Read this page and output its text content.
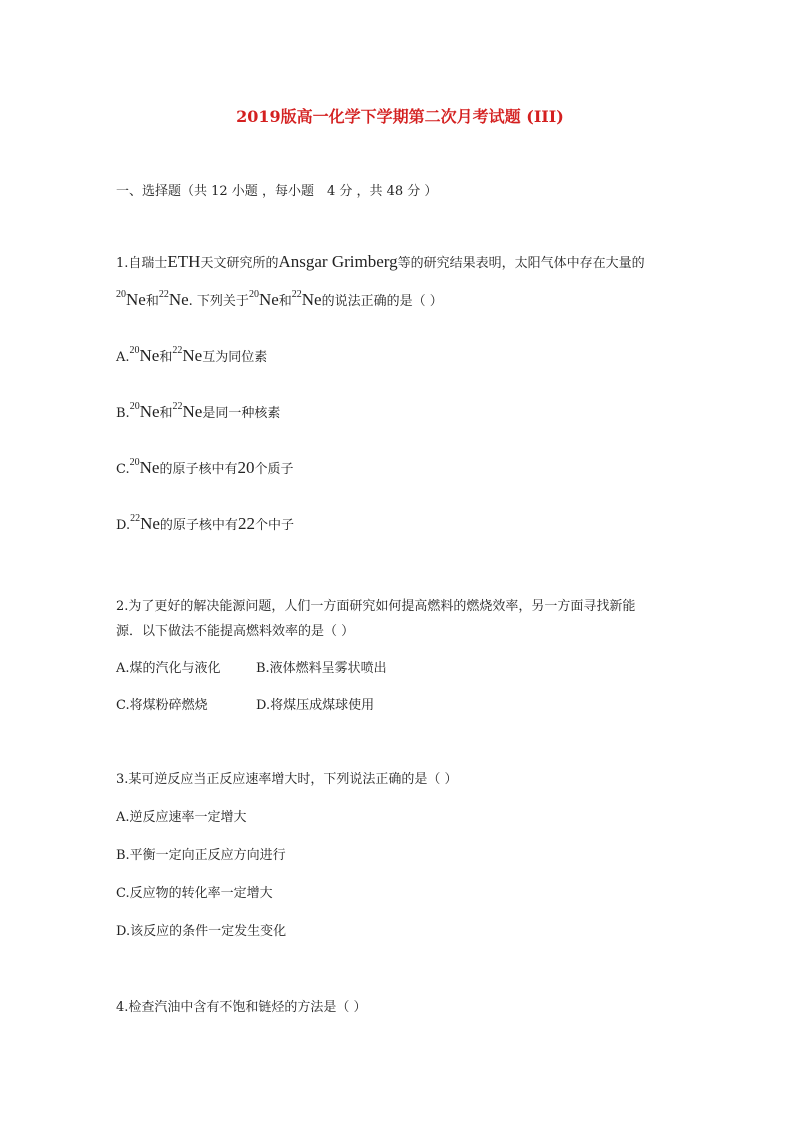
2019版高一化学下学期第二次月考试题 (III)
一、选择题（共 12 小题 ，每小题　4 分 ，共 48 分 ）
1.自瑞士ETH天文研究所的Ansgar Grimberg等的研究结果表明，太阳气体中存在大量的
$^{20}$Ne和$^{22}$Ne. 下列关于$^{20}$Ne和$^{22}$Ne的说法正确的是（ ）
A.$^{20}$Ne和$^{22}$Ne互为同位素
B.$^{20}$Ne和$^{22}$Ne是同一种核素
C.$^{20}$Ne的原子核中有20个质子
D.$^{22}$Ne的原子核中有22个中子
2.为了更好的解决能源问题，人们一方面研究如何提高燃料的燃烧效率，另一方面寻找新能
源．以下做法不能提高燃料效率的是（ ）
A.煤的汽化与液化	B.液体燃料呈雾状喷出
C.将煤粉碎燃烧	D.将煤压成煤球使用
3.某可逆反应当正反应速率增大时，下列说法正确的是（ ）
A.逆反应速率一定增大
B.平衡一定向正反应方向进行
C.反应物的转化率一定增大
D.该反应的条件一定发生变化
4.检查汽油中含有不饱和链烃的方法是（ ）
